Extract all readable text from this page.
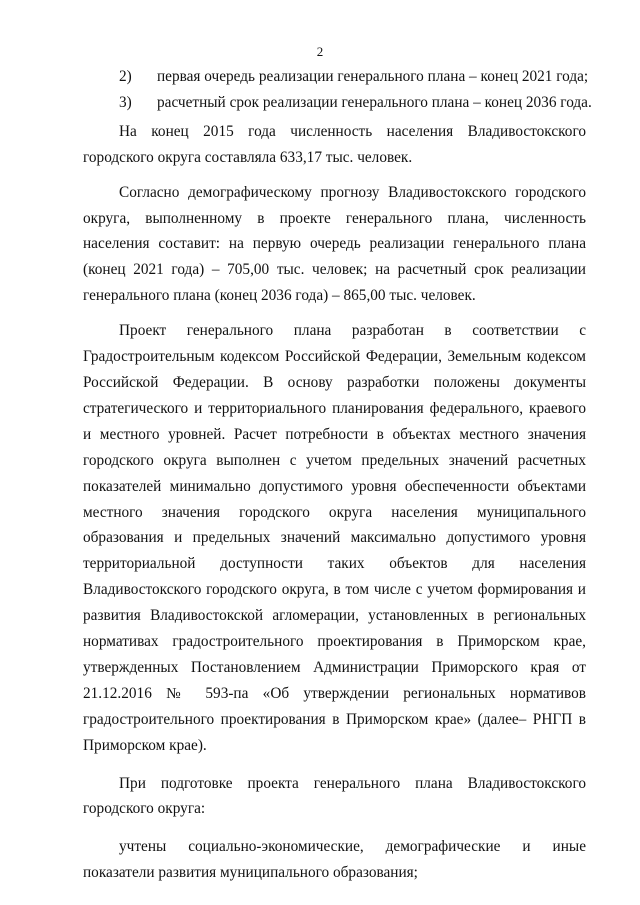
2
2)	первая очередь реализации генерального плана – конец 2021 года;
3)	расчетный срок реализации генерального плана – конец 2036 года.

На конец 2015 года численность населения Владивостокского городского округа составляла 633,17 тыс. человек.

Согласно демографическому прогнозу Владивостокского городского округа, выполненному в проекте генерального плана, численность населения составит: на первую очередь реализации генерального плана (конец 2021 года) – 705,00 тыс. человек; на расчетный срок реализации генерального плана (конец 2036 года) – 865,00 тыс. человек.

Проект генерального плана разработан в соответствии с Градостроительным кодексом Российской Федерации, Земельным кодексом Российской Федерации. В основу разработки положены документы стратегического и территориального планирования федерального, краевого и местного уровней. Расчет потребности в объектах местного значения городского округа выполнен с учетом предельных значений расчетных показателей минимально допустимого уровня обеспеченности объектами местного значения городского округа населения муниципального образования и предельных значений максимально допустимого уровня территориальной доступности таких объектов для населения Владивостокского городского округа, в том числе с учетом формирования и развития Владивостокской агломерации, установленных в региональных нормативах градостроительного проектирования в Приморском крае, утвержденных Постановлением Администрации Приморского края от 21.12.2016 № 593-па «Об утверждении региональных нормативов градостроительного проектирования в Приморском крае» (далее– РНГП в Приморском крае).

При подготовке проекта генерального плана Владивостокского городского округа:

учтены социально-экономические, демографические и иные показатели развития муниципального образования;
